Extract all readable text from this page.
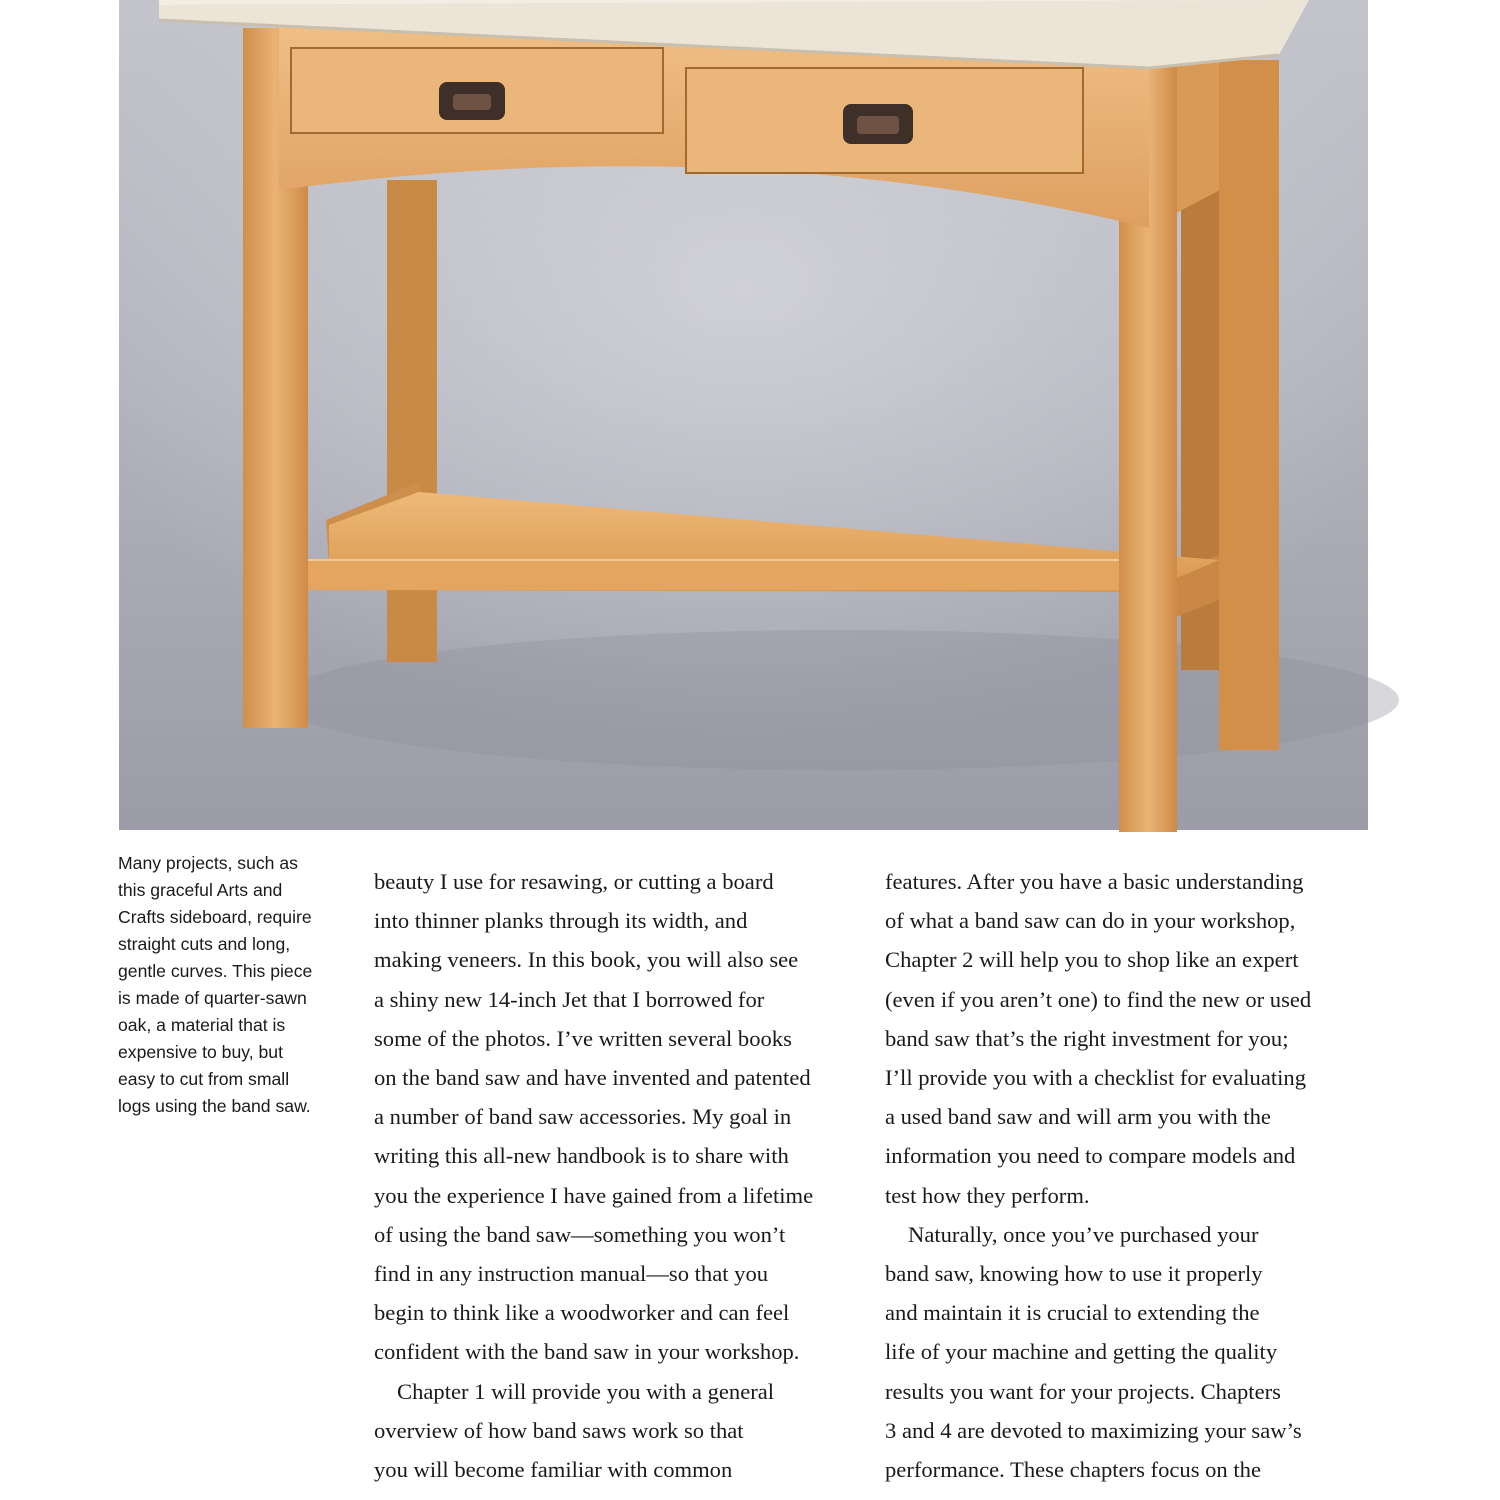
Photo courtesy of the Minnesota Woodworker's Guild
Many projects, such as
this graceful Arts and
Crafts sideboard, require
straight cuts and long,
gentle curves. This piece
is made of quarter-sawn
oak, a material that is
expensive to buy, but
easy to cut from small
logs using the band saw.
beauty I use for resawing, or cutting a board
into thinner planks through its width, and
making veneers. In this book, you will also see
a shiny new 14-inch Jet that I borrowed for
some of the photos. I’ve written several books
on the band saw and have invented and patented
a number of band saw accessories. My goal in
writing this all-new handbook is to share with
you the experience I have gained from a lifetime
of using the band saw—something you won’t
find in any instruction manual—so that you
begin to think like a woodworker and can feel
confident with the band saw in your workshop.
Chapter 1 will provide you with a general
overview of how band saws work so that
you will become familiar with common
features. After you have a basic understanding
of what a band saw can do in your workshop,
Chapter 2 will help you to shop like an expert
(even if you aren’t one) to find the new or used
band saw that’s the right investment for you;
I’ll provide you with a checklist for evaluating
a used band saw and will arm you with the
information you need to compare models and
test how they perform.
Naturally, once you’ve purchased your
band saw, knowing how to use it properly
and maintain it is crucial to extending the
life of your machine and getting the quality
results you want for your projects. Chapters
3 and 4 are devoted to maximizing your saw’s
performance. These chapters focus on the
